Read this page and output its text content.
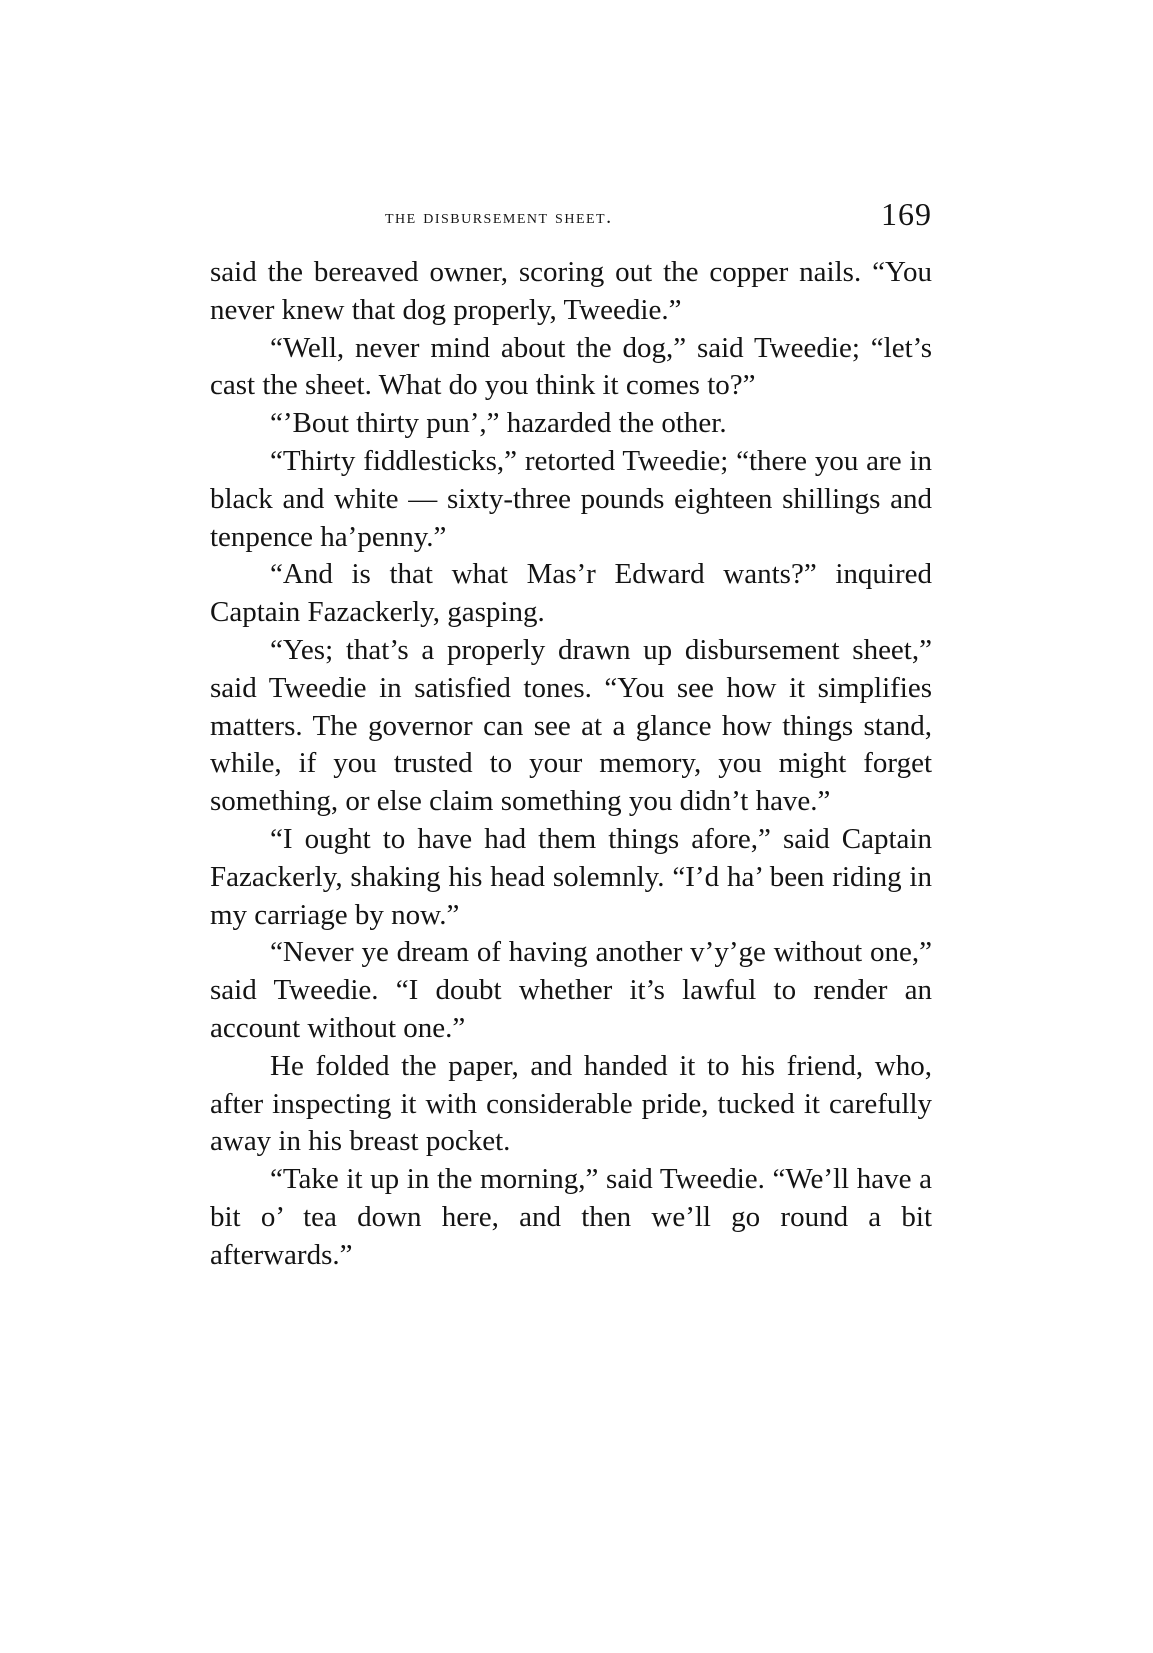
the disbursement sheet.	169

said the bereaved owner, scoring out the copper nails. “You never knew that dog properly, Tweedie.”

“Well, never mind about the dog,” said Tweedie; “let’s cast the sheet. What do you think it comes to?”

“’Bout thirty pun’,” hazarded the other.

“Thirty fiddlesticks,” retorted Tweedie; “there you are in black and white — sixty-three pounds eighteen shillings and tenpence ha’penny.”

“And is that what Mas’r Edward wants?” inquired Captain Fazackerly, gasping.

“Yes; that’s a properly drawn up disbursement sheet,” said Tweedie in satisfied tones. “You see how it simplifies matters. The governor can see at a glance how things stand, while, if you trusted to your memory, you might forget something, or else claim something you didn’t have.”

“I ought to have had them things afore,” said Captain Fazackerly, shaking his head solemnly. “I’d ha’ been riding in my carriage by now.”

“Never ye dream of having another v’y’ge without one,” said Tweedie. “I doubt whether it’s lawful to render an account without one.”

He folded the paper, and handed it to his friend, who, after inspecting it with considerable pride, tucked it carefully away in his breast pocket.

“Take it up in the morning,” said Tweedie. “We’ll have a bit o’ tea down here, and then we’ll go round a bit afterwards.”
